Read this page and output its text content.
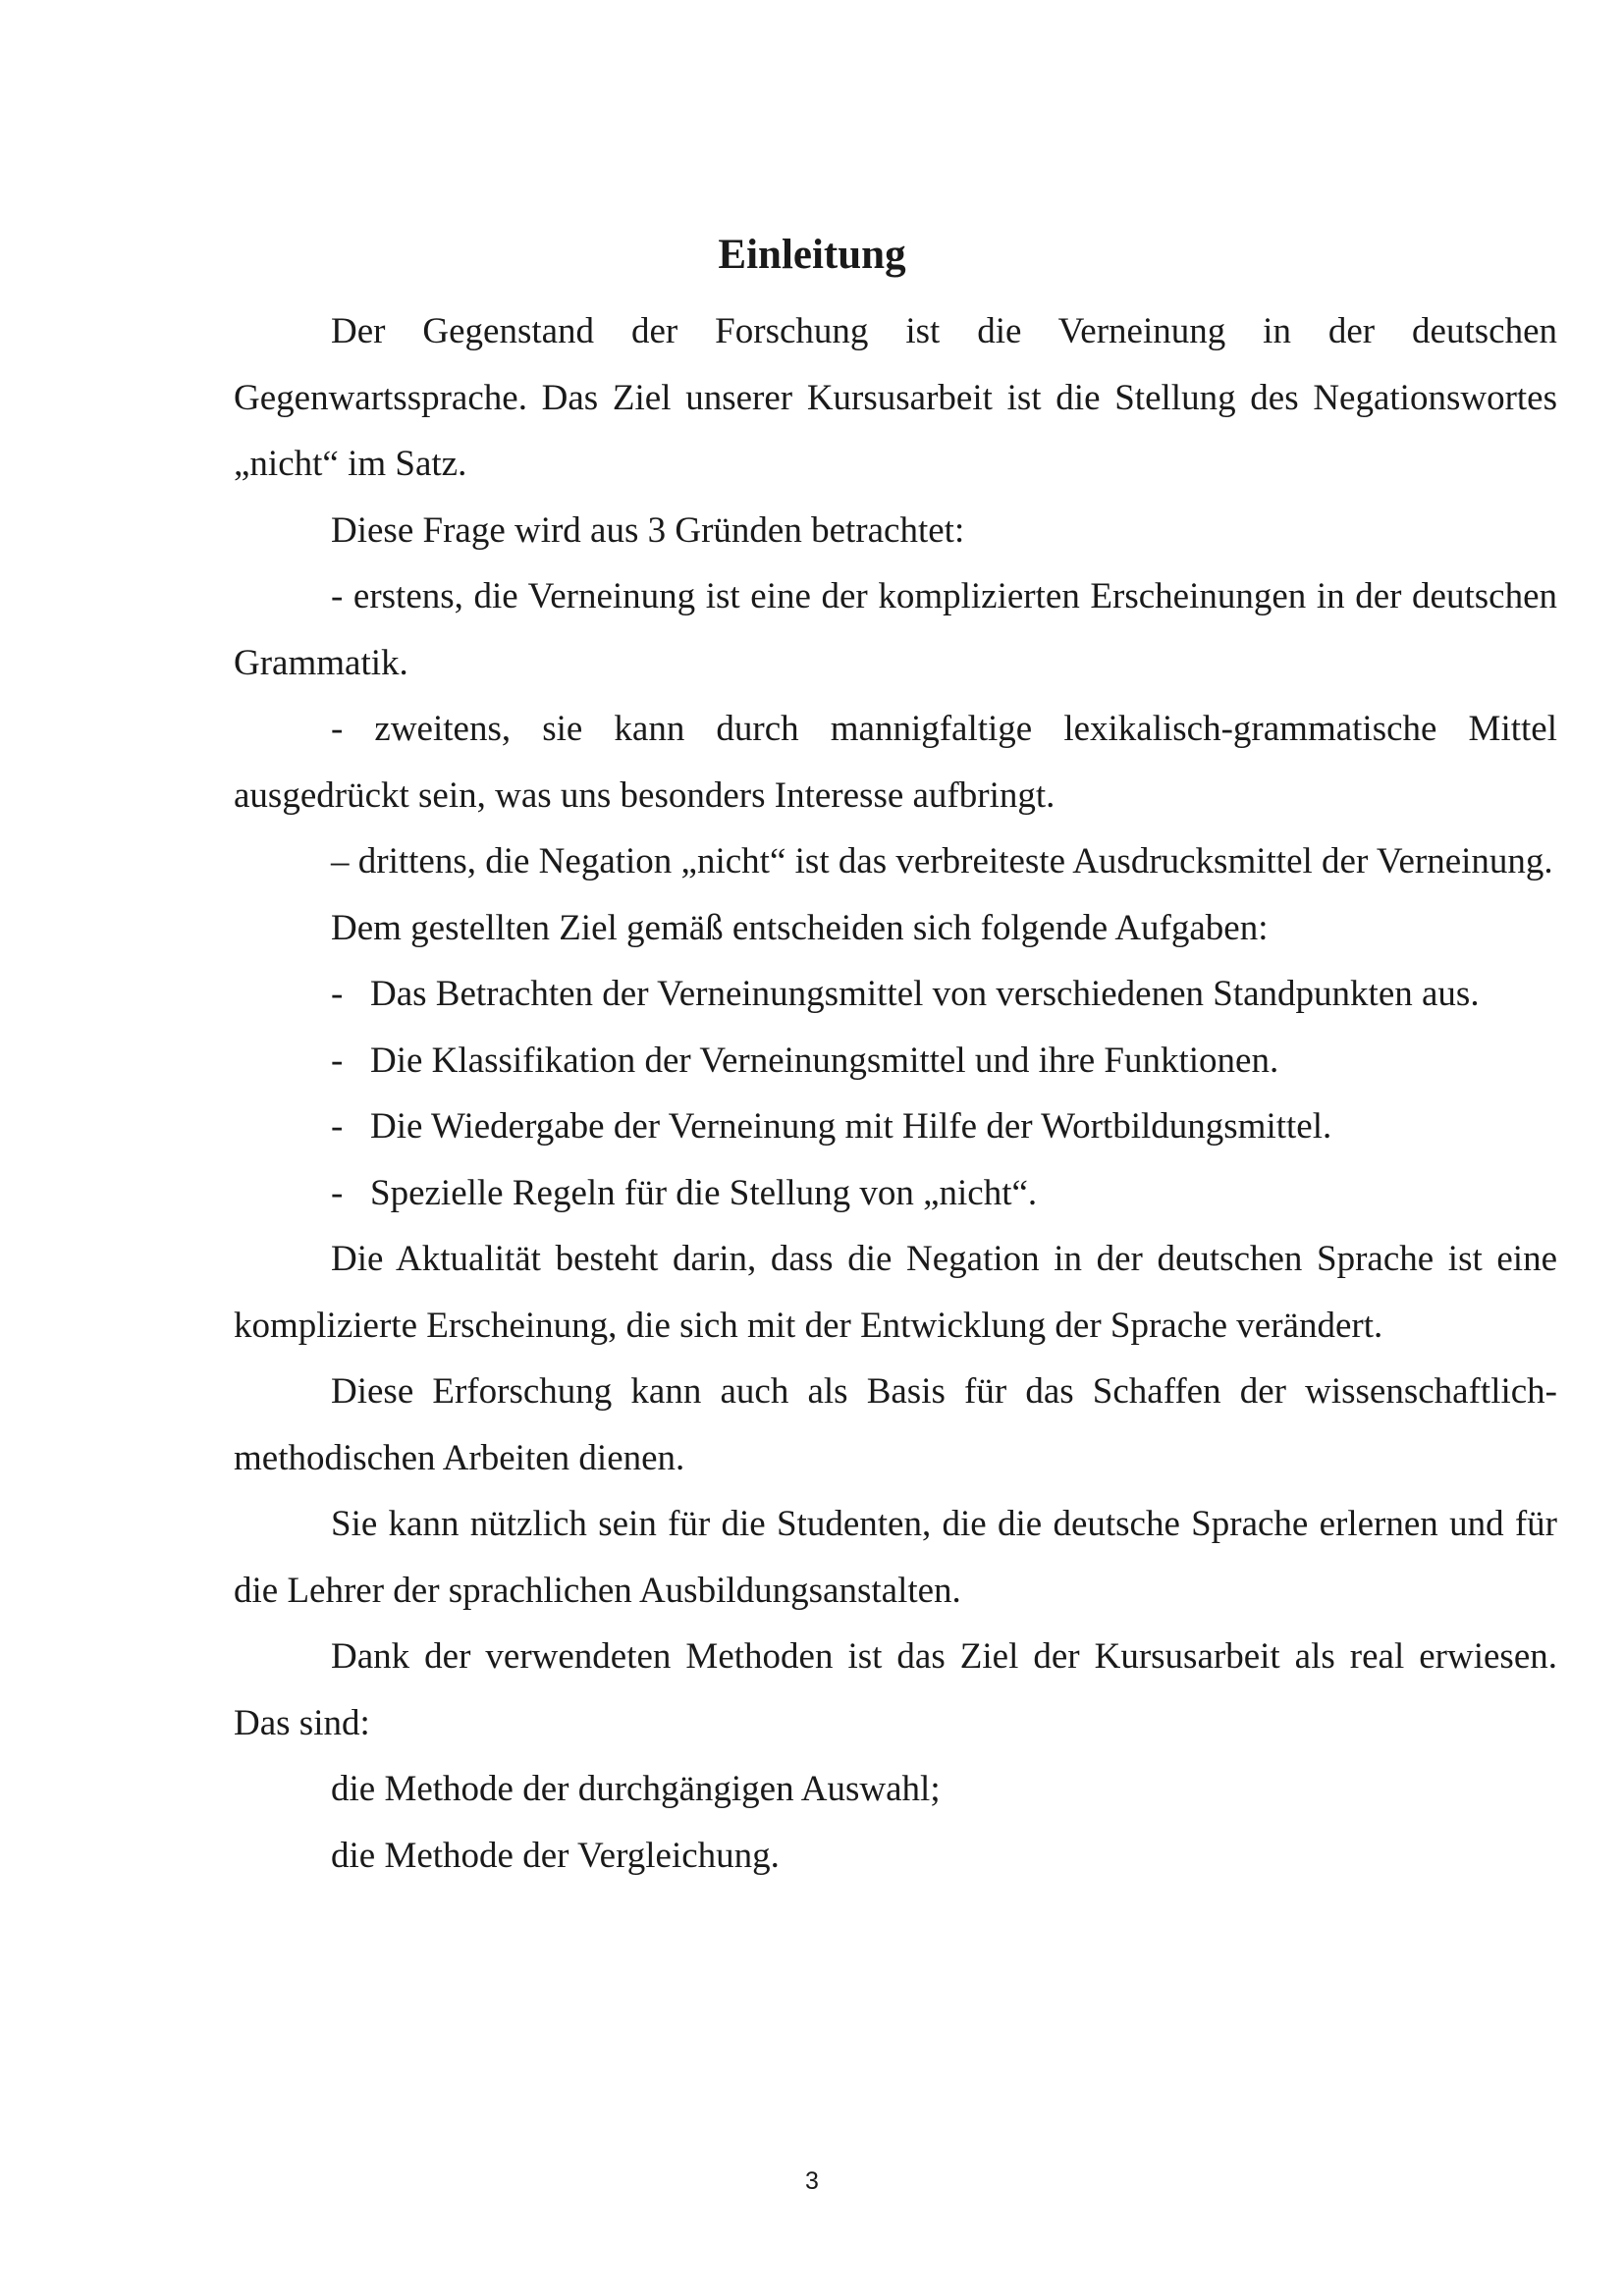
Einleitung

Der Gegenstand der Forschung ist die Verneinung in der deutschen Gegenwartssprache. Das Ziel unserer Kursusarbeit ist die Stellung des Negationswortes „nicht“ im Satz.

Diese Frage wird aus 3 Gründen betrachtet:

- erstens, die Verneinung ist eine der komplizierten Erscheinungen in der deutschen Grammatik.

- zweitens, sie kann durch mannigfaltige lexikalisch-grammatische Mittel ausgedrückt sein, was uns besonders Interesse aufbringt.

– drittens, die Negation „nicht“ ist das verbreiteste Ausdrucksmittel der Verneinung.

Dem gestellten Ziel gemäß entscheiden sich folgende Aufgaben:

- Das Betrachten der Verneinungsmittel von verschiedenen Standpunkten aus.
- Die Klassifikation der Verneinungsmittel und ihre Funktionen.
- Die Wiedergabe der Verneinung mit Hilfe der Wortbildungsmittel.
- Spezielle Regeln für die Stellung von „nicht“.

Die Aktualität besteht darin, dass die Negation in der deutschen Sprache ist eine komplizierte Erscheinung, die sich mit der Entwicklung der Sprache verändert.

Diese Erforschung kann auch als Basis für das Schaffen der wissenschaftlich-methodischen Arbeiten dienen.

Sie kann nützlich sein für die Studenten, die die deutsche Sprache erlernen und für die Lehrer der sprachlichen Ausbildungsanstalten.

Dank der verwendeten Methoden ist das Ziel der Kursusarbeit als real erwiesen. Das sind:

die Methode der durchgängigen Auswahl;

die Methode der Vergleichung.

3
